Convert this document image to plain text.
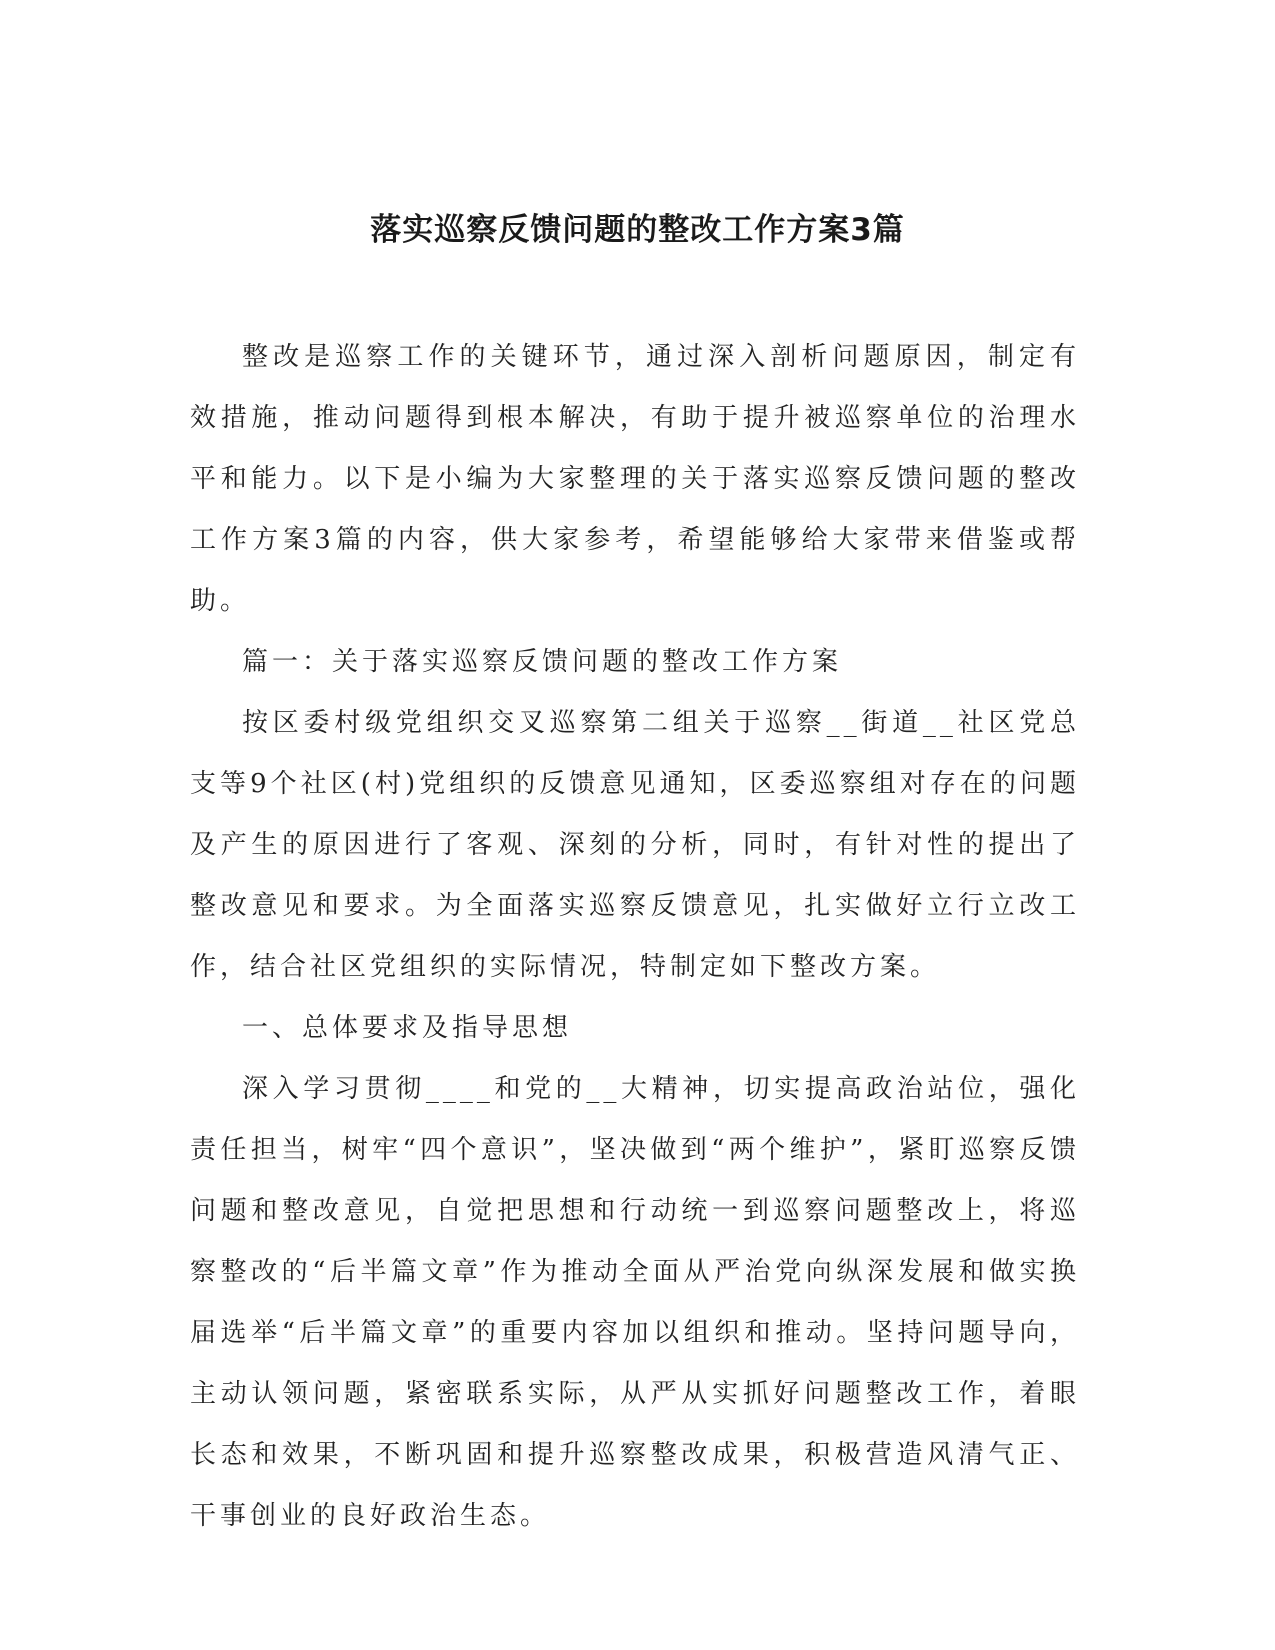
落实巡察反馈问题的整改工作方案3篇

整改是巡察工作的关键环节，通过深入剖析问题原因，制定有效措施，推动问题得到根本解决，有助于提升被巡察单位的治理水平和能力。以下是小编为大家整理的关于落实巡察反馈问题的整改工作方案3篇的内容，供大家参考，希望能够给大家带来借鉴或帮助。

篇一：关于落实巡察反馈问题的整改工作方案

按区委村级党组织交叉巡察第二组关于巡察__街道__社区党总支等9个社区(村)党组织的反馈意见通知，区委巡察组对存在的问题及产生的原因进行了客观、深刻的分析，同时，有针对性的提出了整改意见和要求。为全面落实巡察反馈意见，扎实做好立行立改工作，结合社区党组织的实际情况，特制定如下整改方案。

一、总体要求及指导思想

深入学习贯彻____和党的__大精神，切实提高政治站位，强化责任担当，树牢“四个意识”，坚决做到“两个维护”，紧盯巡察反馈问题和整改意见，自觉把思想和行动统一到巡察问题整改上，将巡察整改的“后半篇文章”作为推动全面从严治党向纵深发展和做实换届选举“后半篇文章”的重要内容加以组织和推动。坚持问题导向，主动认领问题，紧密联系实际，从严从实抓好问题整改工作，着眼长态和效果，不断巩固和提升巡察整改成果，积极营造风清气正、干事创业的良好政治生态。
